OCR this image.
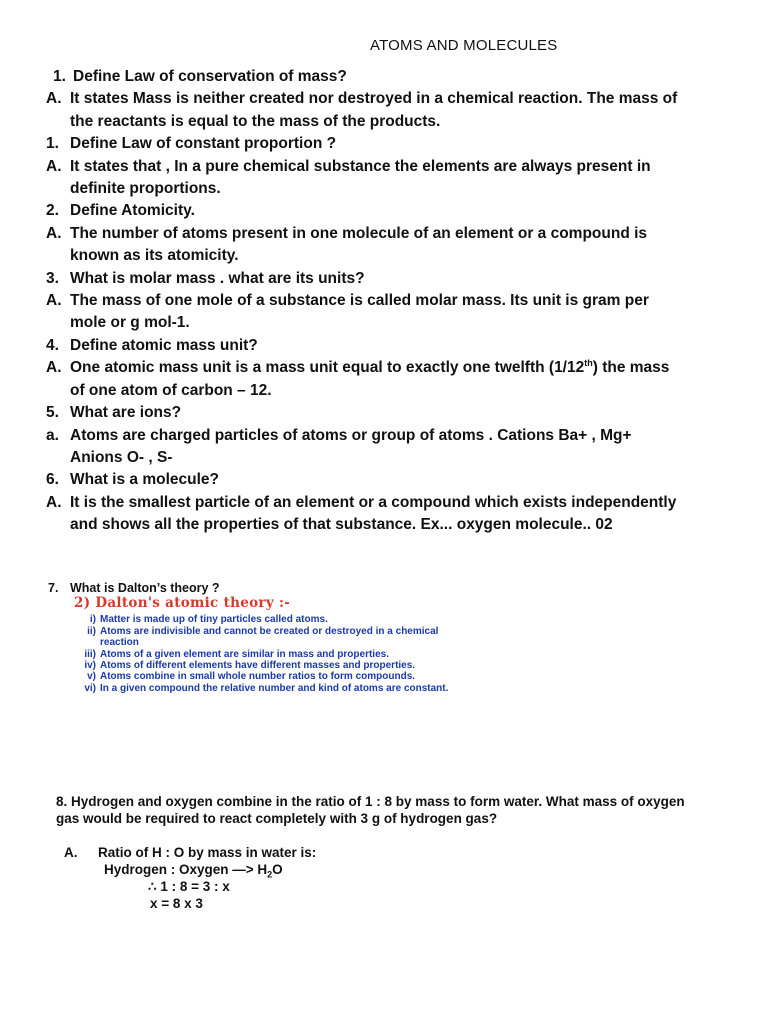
ATOMS AND MOLECULES
1. Define Law of conservation of mass?
A. It states Mass is neither created nor destroyed in a chemical reaction. The mass of the reactants is equal to the mass of the products.
1. Define Law of constant proportion ?
A. It states that , In a pure chemical substance the elements are always present in definite proportions.
2. Define Atomicity.
A. The number of atoms present in one molecule of an element or a compound is known as its atomicity.
3. What is molar mass . what are its units?
A. The mass of one mole of a substance is called molar mass. Its unit is gram per mole or g mol-1.
4. Define atomic mass unit?
A. One atomic mass unit is a mass unit equal to exactly one twelfth (1/12th) the mass of one atom of carbon – 12.
5. What are ions?
a. Atoms are charged particles of atoms or group of atoms . Cations Ba+ , Mg+ Anions O- , S-
6. What is a molecule?
A. It is the smallest particle of an element or a compound which exists independently and shows all the properties of that substance. Ex... oxygen molecule.. 02
7. What is Dalton’s theory ?
2) Dalton's atomic theory :-
i) Matter is made up of tiny particles called atoms.
ii) Atoms are indivisible and cannot be created or destroyed in a chemical reaction
iii) Atoms of a given element are similar in mass and properties.
iv) Atoms of different elements have different masses and properties.
v) Atoms combine in small whole number ratios to form compounds.
vi) In a given compound the relative number and kind of atoms are constant.
8. Hydrogen and oxygen combine in the ratio of 1 : 8 by mass to form water. What mass of oxygen gas would be required to react completely with 3 g of hydrogen gas?
A. Ratio of H : O by mass in water is:
Hydrogen : Oxygen —> $H_2O$
∴ 1 : 8 = 3 : x
x = 8 x 3
